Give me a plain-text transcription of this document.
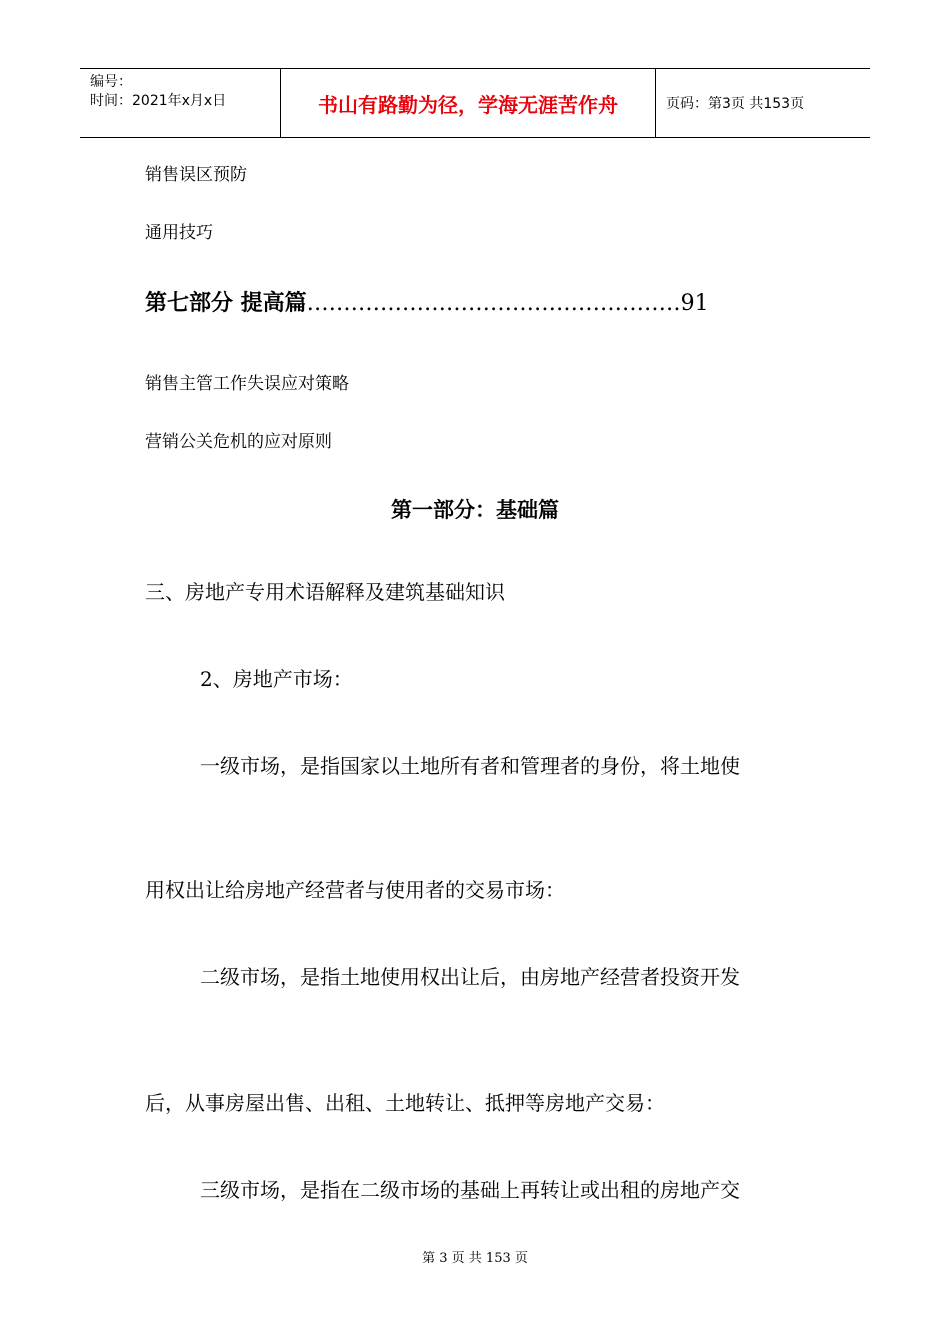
编号：
时间：2021年x月x日	书山有路勤为径，学海无涯苦作舟	页码：第3页 共153页
销售误区预防
通用技巧
第七部分 提高篇……………………………………………91
销售主管工作失误应对策略
营销公关危机的应对原则
第一部分：基础篇
三、房地产专用术语解释及建筑基础知识
2、房地产市场：
一级市场，是指国家以土地所有者和管理者的身份，将土地使
用权出让给房地产经营者与使用者的交易市场：
二级市场，是指土地使用权出让后，由房地产经营者投资开发
后，从事房屋出售、出租、土地转让、抵押等房地产交易：
三级市场，是指在二级市场的基础上再转让或出租的房地产交
第 3 页 共 153 页
